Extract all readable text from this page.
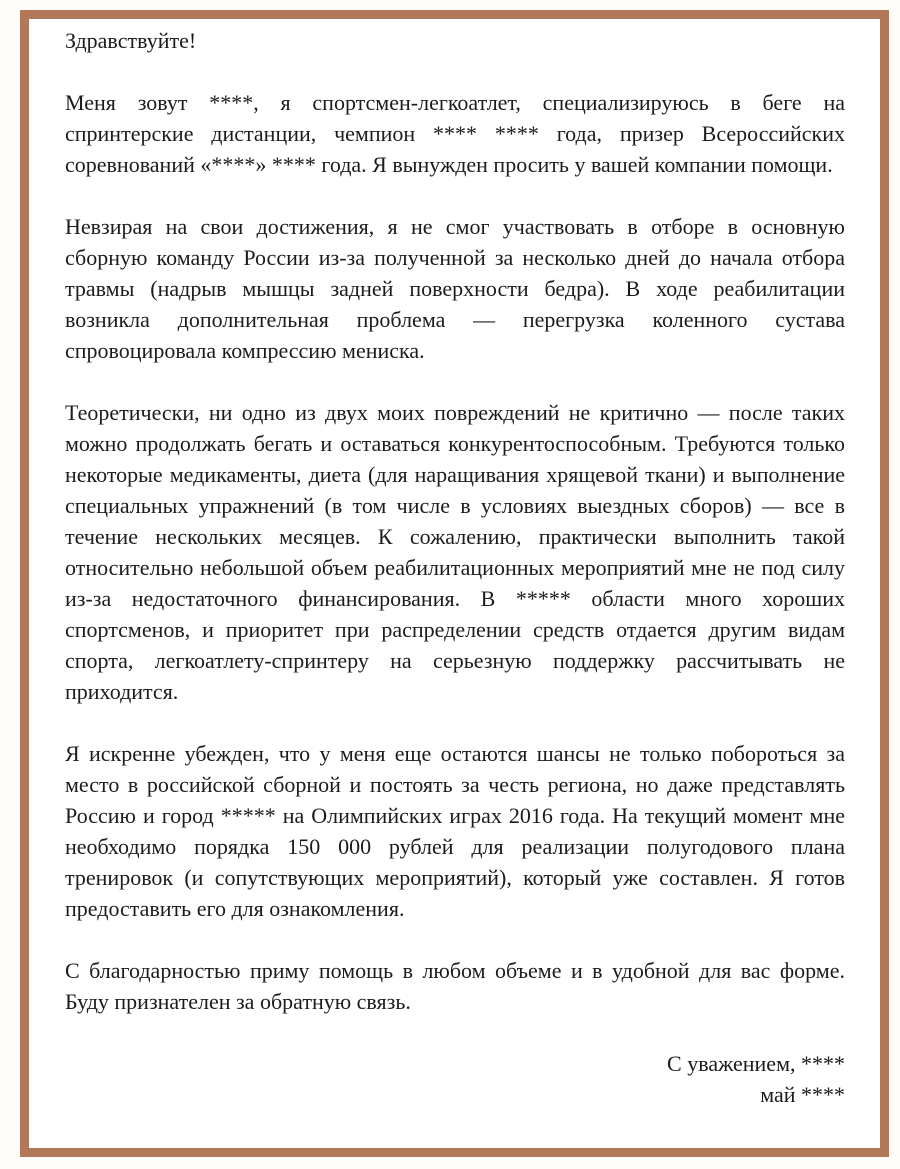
Здравствуйте!

Меня зовут ****, я спортсмен-легкоатлет, специализируюсь в беге на спринтерские дистанции, чемпион **** **** года, призер Всероссийских соревнований «****» **** года. Я вынужден просить у вашей компании помощи.

Невзирая на свои достижения, я не смог участвовать в отборе в основную сборную команду России из-за полученной за несколько дней до начала отбора травмы (надрыв мышцы задней поверхности бедра). В ходе реабилитации возникла дополнительная проблема — перегрузка коленного сустава спровоцировала компрессию мениска.

Теоретически, ни одно из двух моих повреждений не критично — после таких можно продолжать бегать и оставаться конкурентоспособным. Требуются только некоторые медикаменты, диета (для наращивания хрящевой ткани) и выполнение специальных упражнений (в том числе в условиях выездных сборов) — все в течение нескольких месяцев. К сожалению, практически выполнить такой относительно небольшой объем реабилитационных мероприятий мне не под силу из-за недостаточного финансирования. В ***** области много хороших спортсменов, и приоритет при распределении средств отдается другим видам спорта, легкоатлету-спринтеру на серьезную поддержку рассчитывать не приходится.

Я искренне убежден, что у меня еще остаются шансы не только побороться за место в российской сборной и постоять за честь региона, но даже представлять Россию и город ***** на Олимпийских играх 2016 года. На текущий момент мне необходимо порядка 150 000 рублей для реализации полугодового плана тренировок (и сопутствующих мероприятий), который уже составлен. Я готов предоставить его для ознакомления.

С благодарностью приму помощь в любом объеме и в удобной для вас форме. Буду признателен за обратную связь.

С уважением, ****

май ****
